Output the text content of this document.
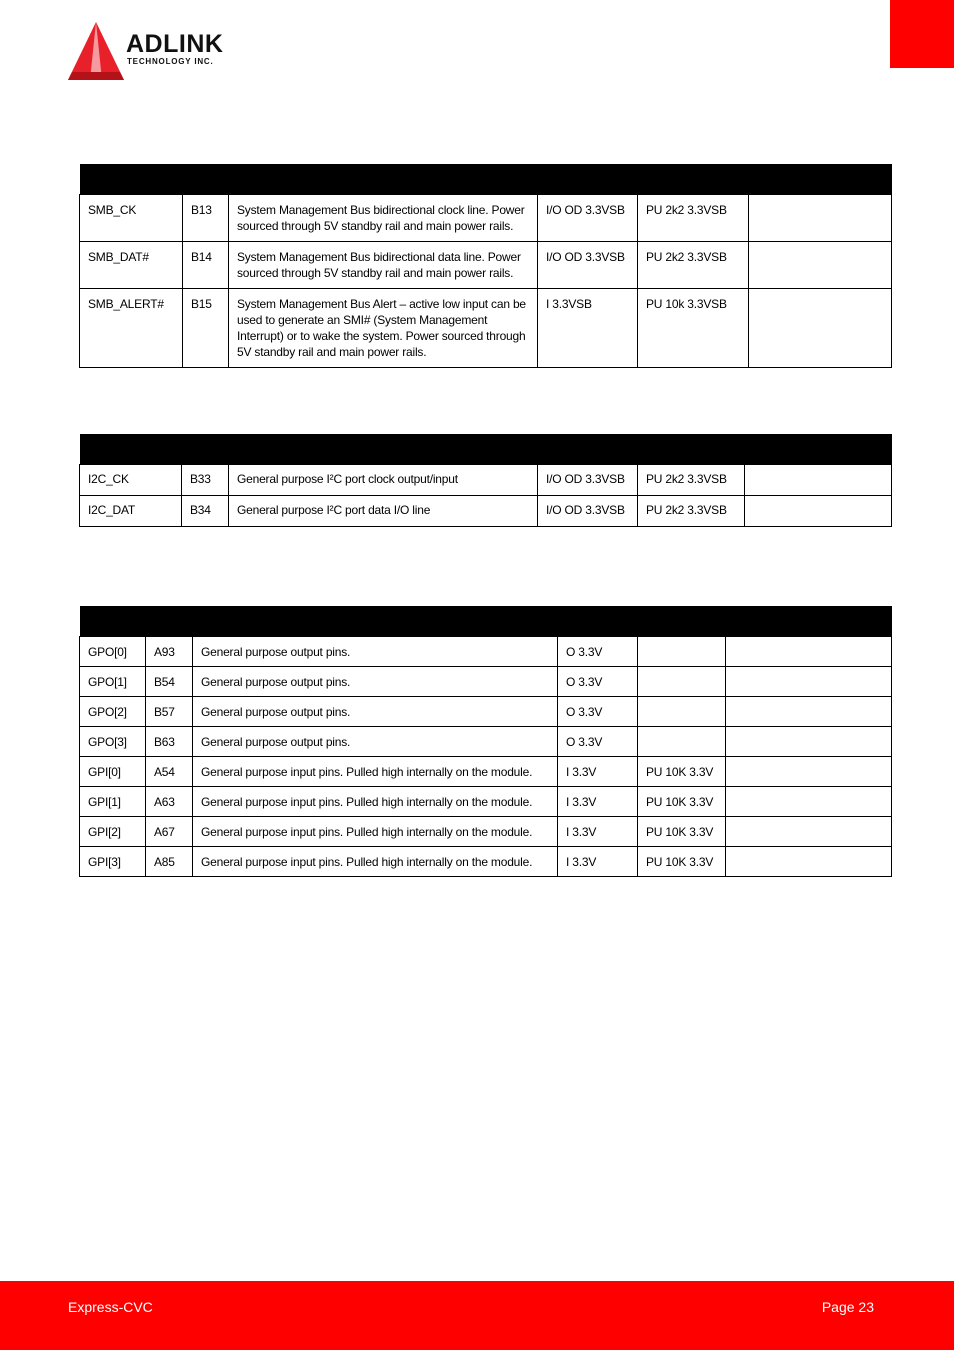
ADLINK
TECHNOLOGY INC.

SMB_CK	B13	System Management Bus bidirectional clock line. Power sourced through 5V standby rail and main power rails.	I/O OD 3.3VSB	PU 2k2 3.3VSB	
SMB_DAT#	B14	System Management Bus bidirectional data line. Power sourced through 5V standby rail and main power rails.	I/O OD 3.3VSB	PU 2k2 3.3VSB	
SMB_ALERT#	B15	System Management Bus Alert – active low input can be used to generate an SMI# (System Management Interrupt) or to wake the system. Power sourced through 5V standby rail and main power rails.	I 3.3VSB	PU 10k 3.3VSB	

I2C_CK	B33	General purpose I²C port clock output/input	I/O OD 3.3VSB	PU 2k2 3.3VSB	
I2C_DAT	B34	General purpose I²C port data I/O line	I/O OD 3.3VSB	PU 2k2 3.3VSB	

GPO[0]	A93	General purpose output pins.	O 3.3V		
GPO[1]	B54	General purpose output pins.	O 3.3V		
GPO[2]	B57	General purpose output pins.	O 3.3V		
GPO[3]	B63	General purpose output pins.	O 3.3V		
GPI[0]	A54	General purpose input pins. Pulled high internally on the module.	I 3.3V	PU 10K 3.3V	
GPI[1]	A63	General purpose input pins. Pulled high internally on the module.	I 3.3V	PU 10K 3.3V	
GPI[2]	A67	General purpose input pins. Pulled high internally on the module.	I 3.3V	PU 10K 3.3V	
GPI[3]	A85	General purpose input pins. Pulled high internally on the module.	I 3.3V	PU 10K 3.3V	
Express-CVC	Page 23
